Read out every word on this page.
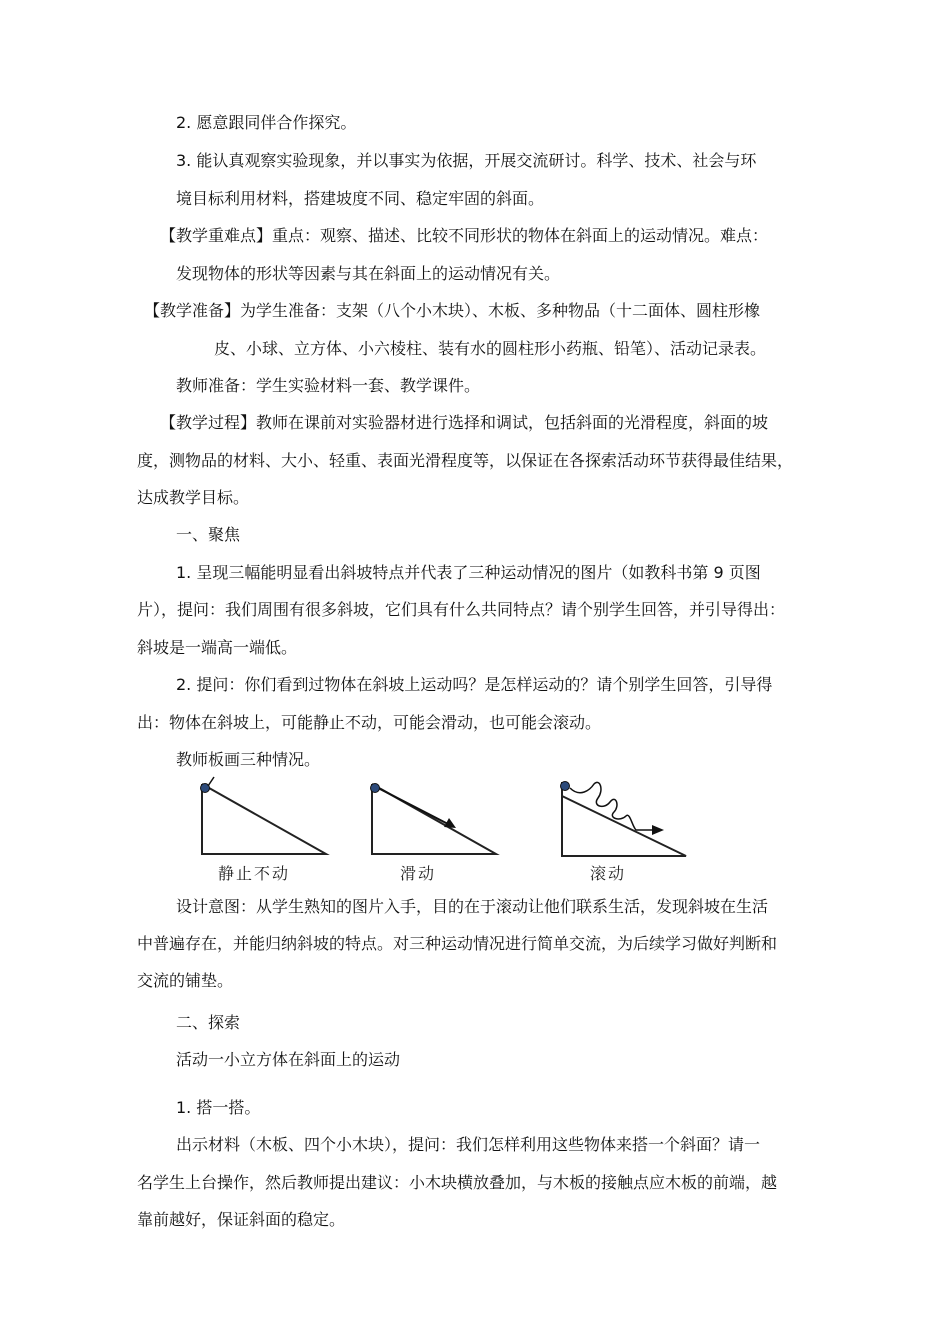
2. 愿意跟同伴合作探究。
3. 能认真观察实验现象，并以事实为依据，开展交流研讨。科学、技术、社会与环
境目标利用材料，搭建坡度不同、稳定牢固的斜面。
【教学重难点】重点：观察、描述、比较不同形状的物体在斜面上的运动情况。难点：
发现物体的形状等因素与其在斜面上的运动情况有关。
【教学准备】为学生准备：支架（八个小木块）、木板、多种物品（十二面体、圆柱形橡
皮、小球、立方体、小六棱柱、装有水的圆柱形小药瓶、铅笔）、活动记录表。
教师准备：学生实验材料一套、教学课件。
【教学过程】教师在课前对实验器材进行选择和调试，包括斜面的光滑程度，斜面的坡
度，测物品的材料、大小、轻重、表面光滑程度等，以保证在各探索活动环节获得最佳结果，
达成教学目标。
一、聚焦
1. 呈现三幅能明显看出斜坡特点并代表了三种运动情况的图片（如教科书第 9 页图
片），提问：我们周围有很多斜坡，它们具有什么共同特点？请个别学生回答，并引导得出：
斜坡是一端高一端低。
2. 提问：你们看到过物体在斜坡上运动吗？是怎样运动的？请个别学生回答，引导得
出：物体在斜坡上，可能静止不动，可能会滑动，也可能会滚动。
教师板画三种情况。
静止不动	滑动	滚动
设计意图：从学生熟知的图片入手，目的在于滚动让他们联系生活，发现斜坡在生活
中普遍存在，并能归纳斜坡的特点。对三种运动情况进行简单交流，为后续学习做好判断和
交流的铺垫。
二、探索
活动一小立方体在斜面上的运动
1. 搭一搭。
出示材料（木板、四个小木块），提问：我们怎样利用这些物体来搭一个斜面？请一
名学生上台操作，然后教师提出建议：小木块横放叠加，与木板的接触点应木板的前端，越
靠前越好，保证斜面的稳定。
